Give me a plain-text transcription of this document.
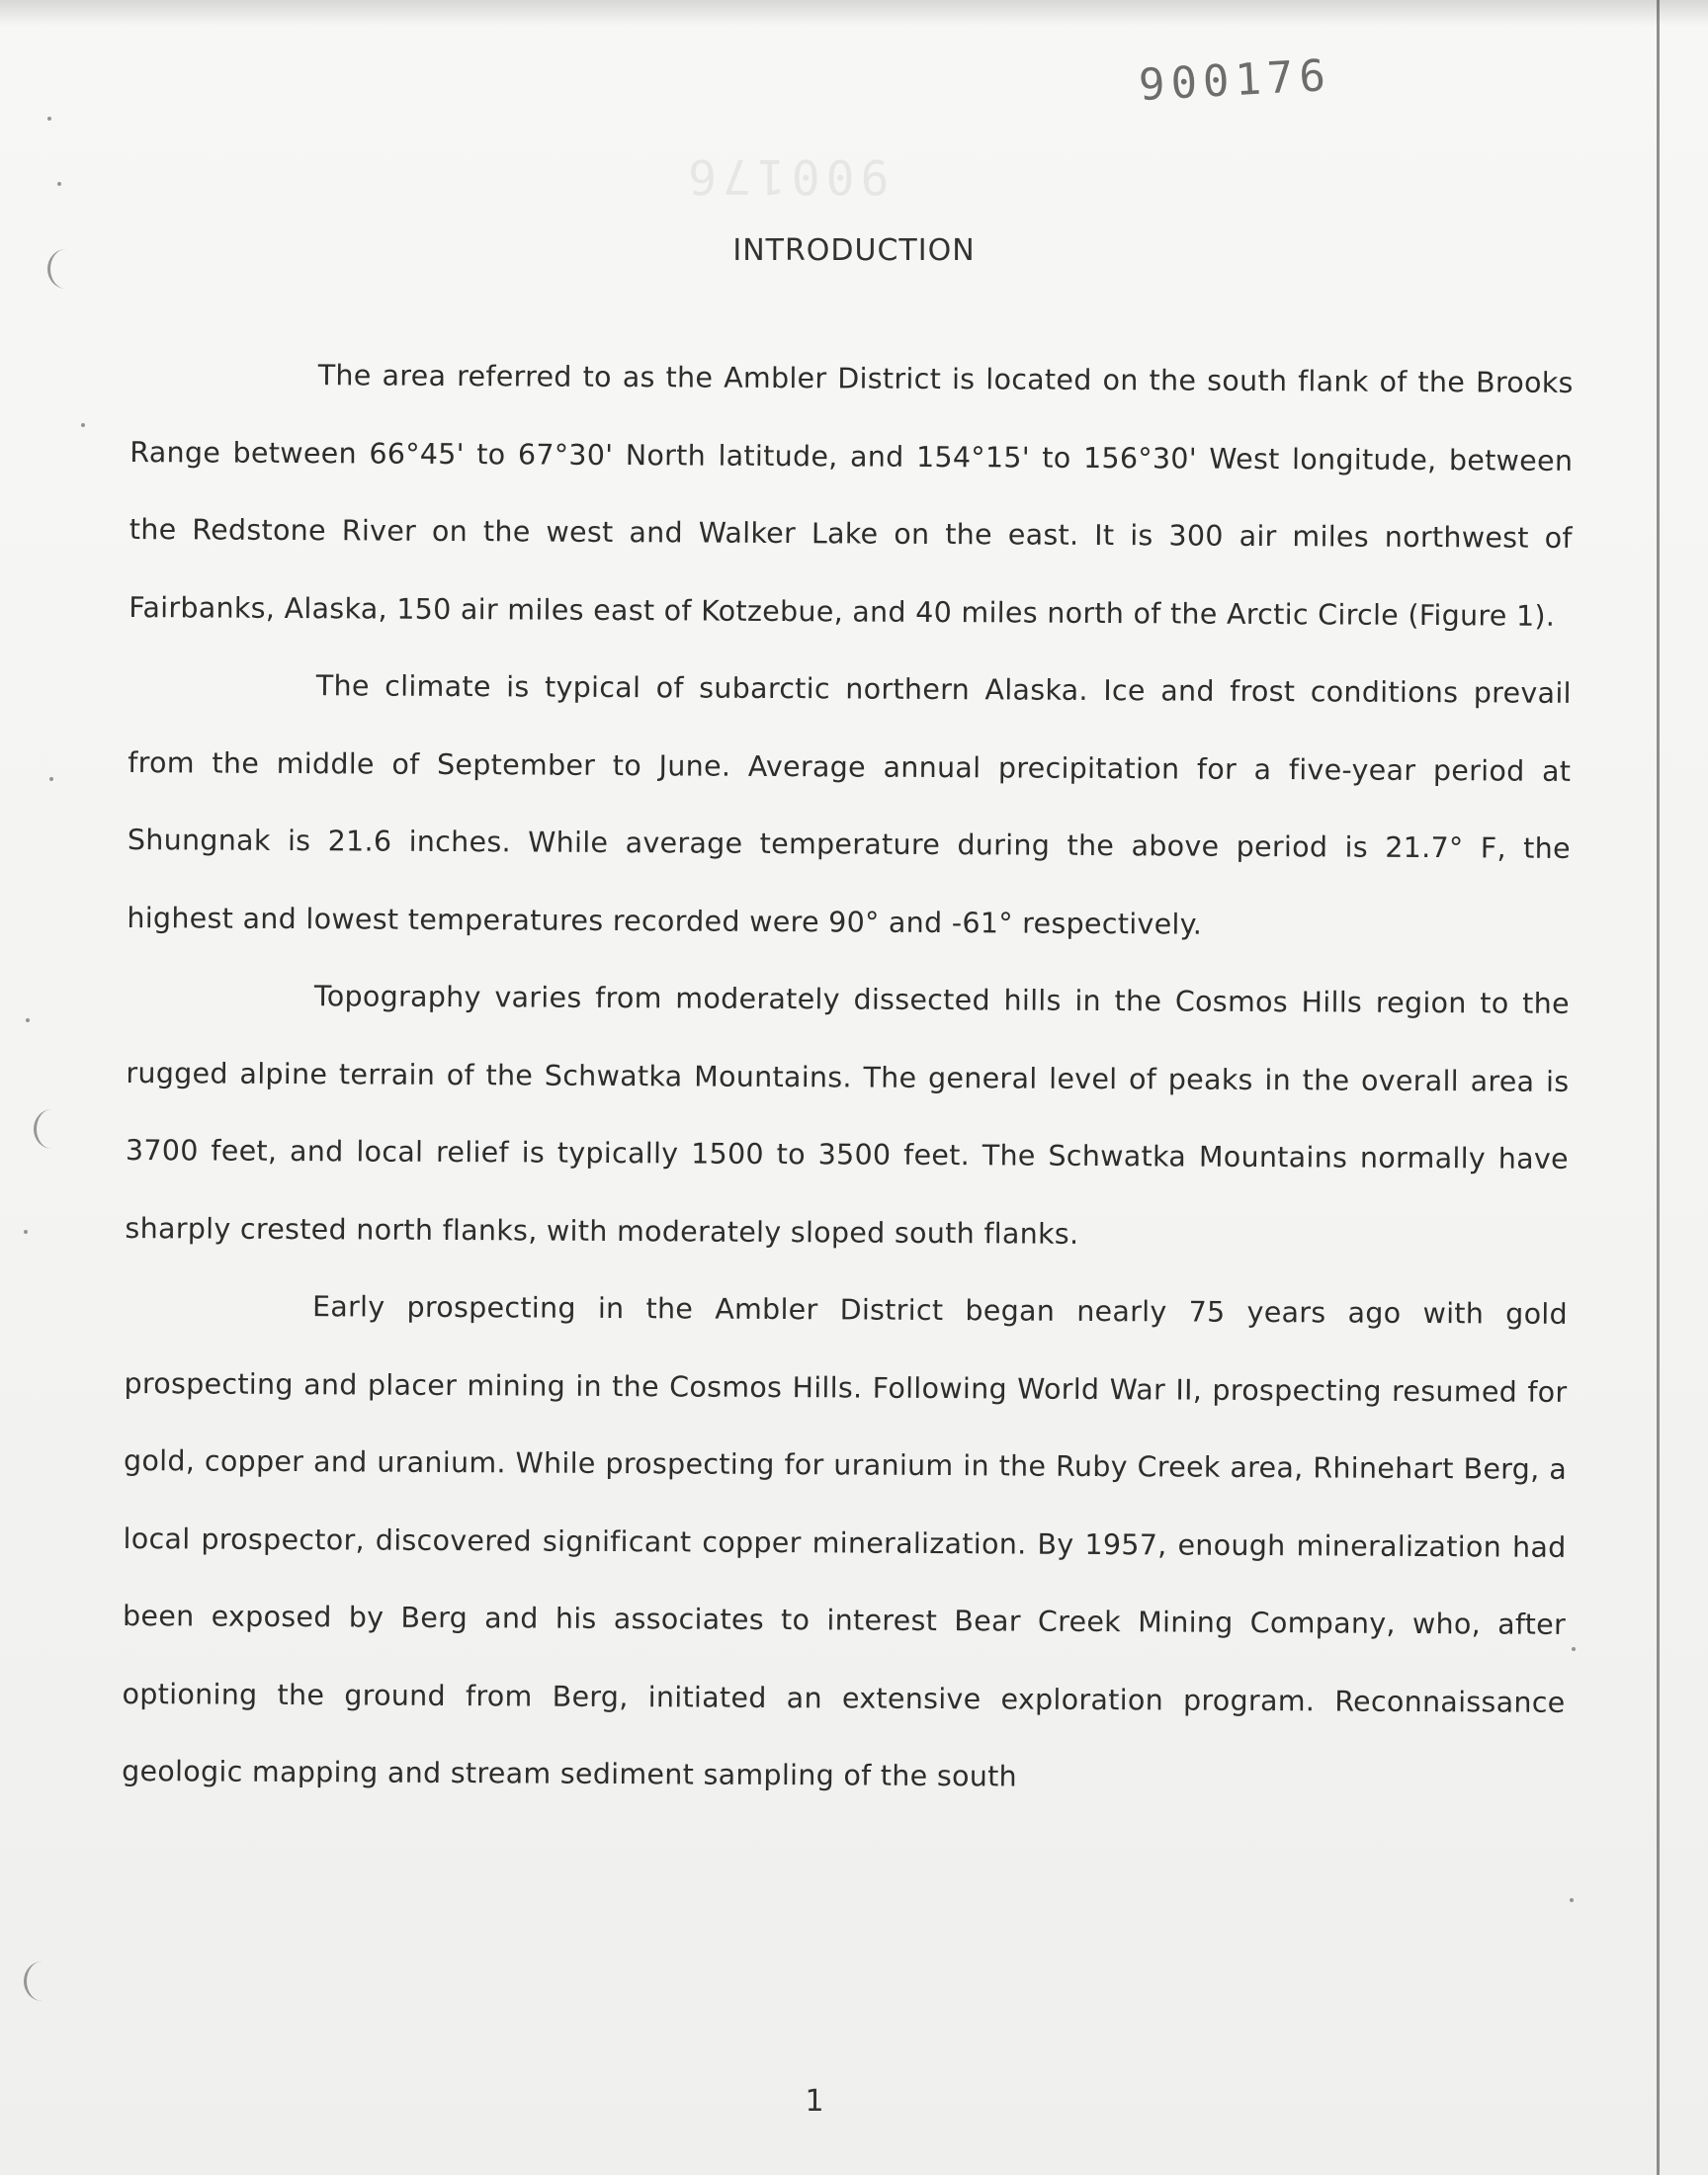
900176
900176
INTRODUCTION

The area referred to as the Ambler District is located on the south flank of the Brooks Range between 66°45' to 67°30' North latitude, and 154°15' to 156°30' West longitude, between the Redstone River on the west and Walker Lake on the east. It is 300 air miles northwest of Fairbanks, Alaska, 150 air miles east of Kotzebue, and 40 miles north of the Arctic Circle (Figure 1).

The climate is typical of subarctic northern Alaska. Ice and frost conditions prevail from the middle of September to June. Average annual precipitation for a five-year period at Shungnak is 21.6 inches. While average temperature during the above period is 21.7° F, the highest and lowest temperatures recorded were 90° and -61° respectively.

Topography varies from moderately dissected hills in the Cosmos Hills region to the rugged alpine terrain of the Schwatka Mountains. The general level of peaks in the overall area is 3700 feet, and local relief is typically 1500 to 3500 feet. The Schwatka Mountains normally have sharply crested north flanks, with moderately sloped south flanks.

Early prospecting in the Ambler District began nearly 75 years ago with gold prospecting and placer mining in the Cosmos Hills. Following World War II, prospecting resumed for gold, copper and uranium. While prospecting for uranium in the Ruby Creek area, Rhinehart Berg, a local prospector, discovered significant copper mineralization. By 1957, enough mineralization had been exposed by Berg and his associates to interest Bear Creek Mining Company, who, after optioning the ground from Berg, initiated an extensive exploration program. Reconnaissance geologic mapping and stream sediment sampling of the south

1
